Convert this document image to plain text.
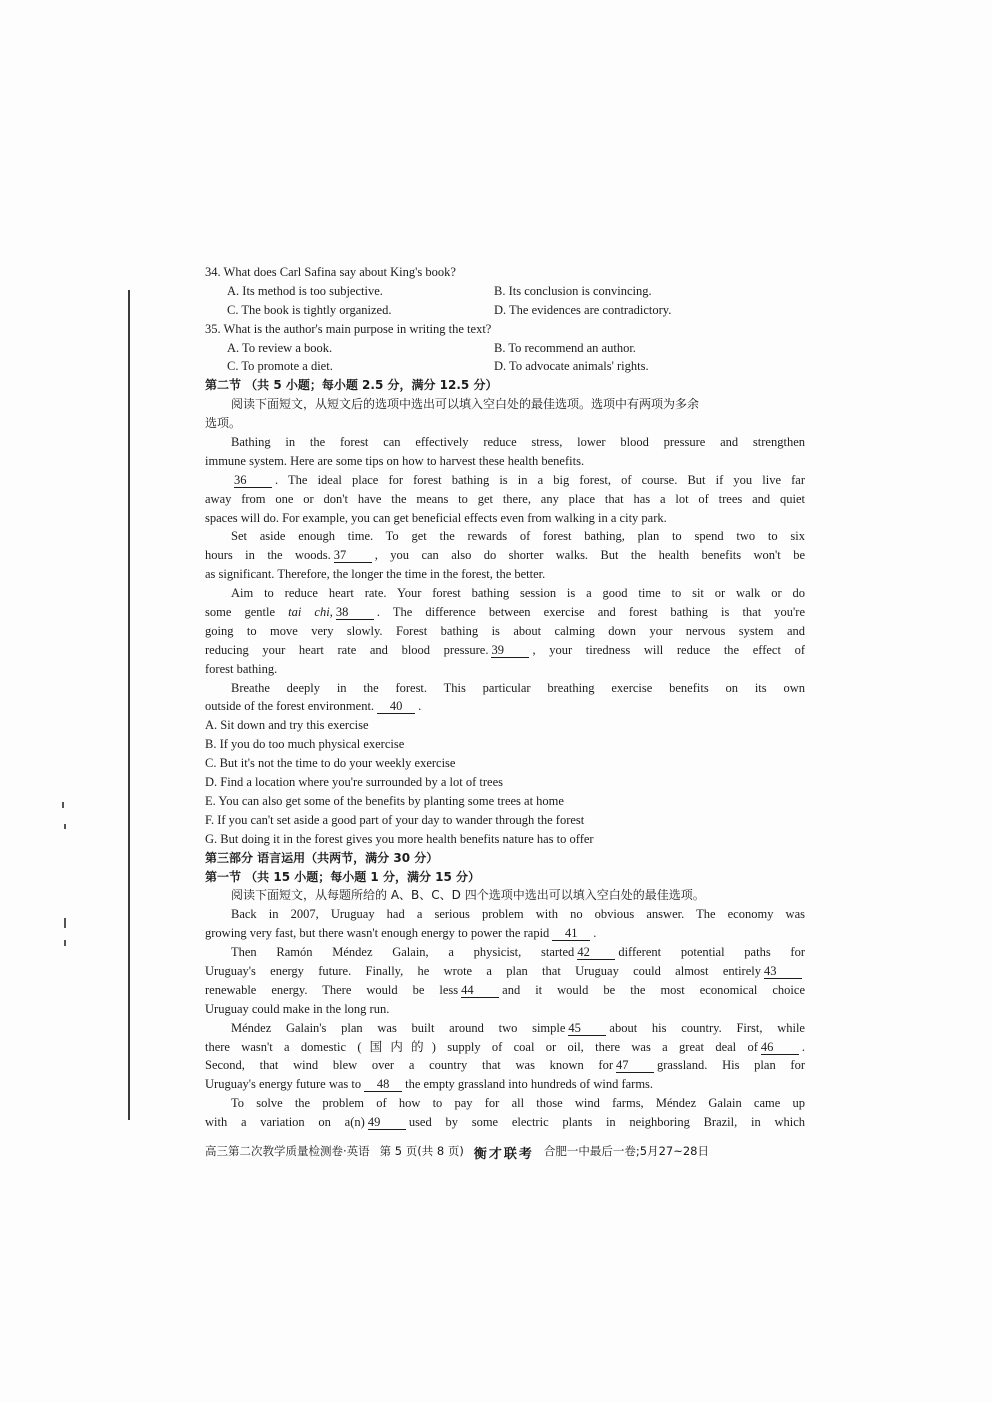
34. What does Carl Safina say about King's book?
A. Its method is too subjective.	B. Its conclusion is convincing.
C. The book is tightly organized.	D. The evidences are contradictory.
35. What is the author's main purpose in writing the text?
A. To review a book.	B. To recommend an author.
C. To promote a diet.	D. To advocate animals' rights.
第二节 （共 5 小题；每小题 2.5 分，满分 12.5 分）
阅读下面短文，从短文后的选项中选出可以填入空白处的最佳选项。选项中有两项为多余
选项。
Bathing in the forest can effectively reduce stress, lower blood pressure and strengthen
immune system. Here are some tips on how to harvest these health benefits.
36 . The ideal place for forest bathing is in a big forest, of course. But if you live far
away from one or don't have the means to get there, any place that has a lot of trees and quiet
spaces will do. For example, you can get beneficial effects even from walking in a city park.
Set aside enough time. To get the rewards of forest bathing, plan to spend two to six
hours in the woods. 37 , you can also do shorter walks. But the health benefits won't be
as significant. Therefore, the longer the time in the forest, the better.
Aim to reduce heart rate. Your forest bathing session is a good time to sit or walk or do
some gentle tai chi, 38 . The difference between exercise and forest bathing is that you're
going to move very slowly. Forest bathing is about calming down your nervous system and
reducing your heart rate and blood pressure. 39 , your tiredness will reduce the effect of
forest bathing.
Breathe deeply in the forest. This particular breathing exercise benefits on its own
outside of the forest environment. 40 .
A. Sit down and try this exercise
B. If you do too much physical exercise
C. But it's not the time to do your weekly exercise
D. Find a location where you're surrounded by a lot of trees
E. You can also get some of the benefits by planting some trees at home
F. If you can't set aside a good part of your day to wander through the forest
G. But doing it in the forest gives you more health benefits nature has to offer
第三部分 语言运用（共两节，满分 30 分）
第一节 （共 15 小题；每小题 1 分，满分 15 分）
阅读下面短文，从每题所给的 A、B、C、D 四个选项中选出可以填入空白处的最佳选项。
Back in 2007, Uruguay had a serious problem with no obvious answer. The economy was
growing very fast, but there wasn't enough energy to power the rapid 41 .
Then Ramón Méndez Galain, a physicist, started 42 different potential paths for
Uruguay's energy future. Finally, he wrote a plan that Uruguay could almost entirely 43
renewable energy. There would be less 44 and it would be the most economical choice
Uruguay could make in the long run.
Méndez Galain's plan was built around two simple 45 about his country. First, while
there wasn't a domestic (国内的) supply of coal or oil, there was a great deal of 46 .
Second, that wind blew over a country that was known for 47 grassland. His plan for
Uruguay's energy future was to 48 the empty grassland into hundreds of wind farms.
To solve the problem of how to pay for all those wind farms, Méndez Galain came up
with a variation on a(n) 49 used by some electric plants in neighboring Brazil, in which
高三第二次教学质量检测卷·英语 第 5 页(共 8 页) 衡才联考 合肥一中最后一卷;5月27~28日
